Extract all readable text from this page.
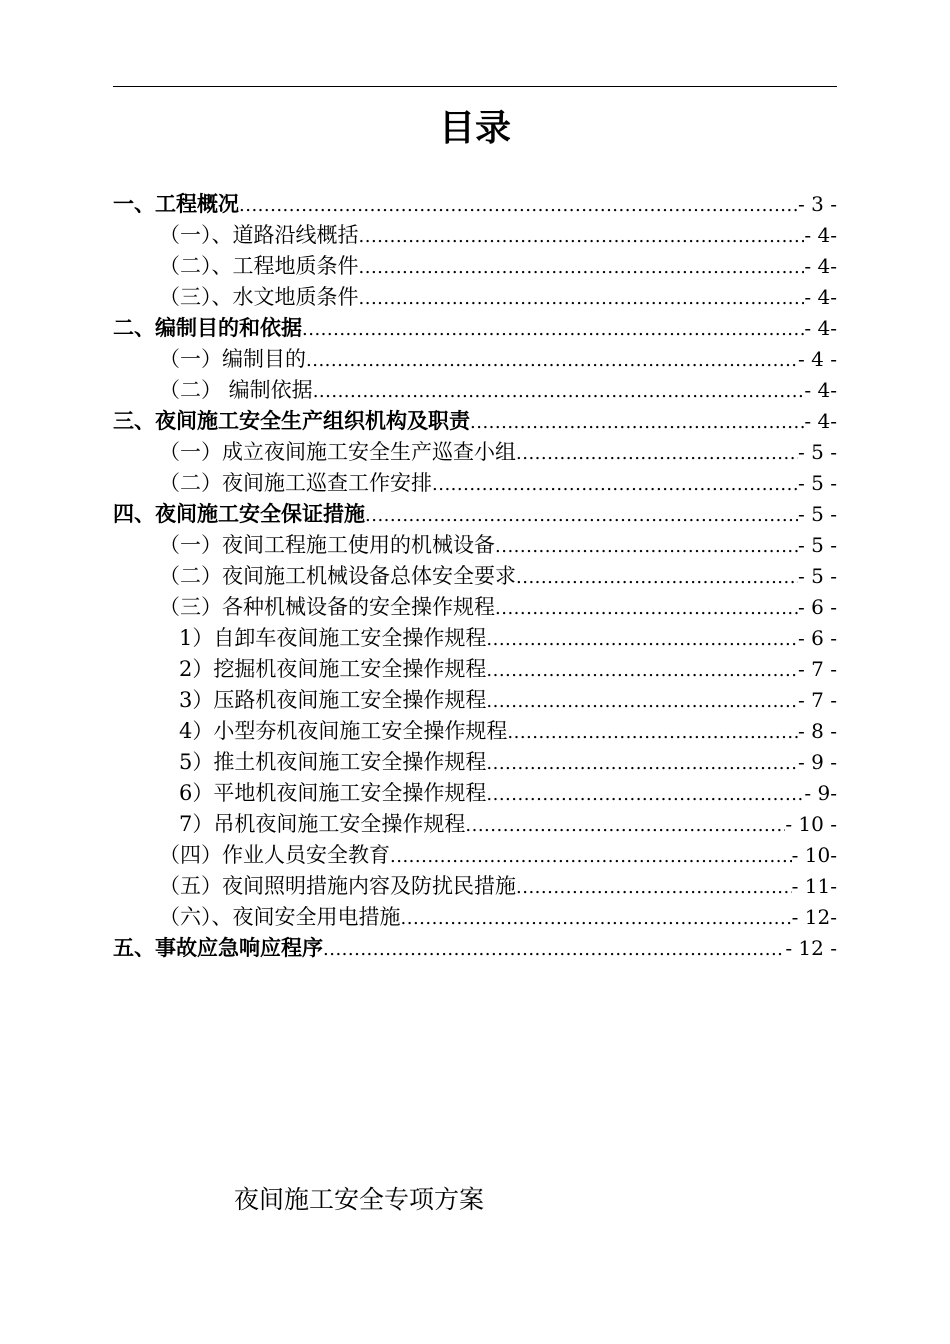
目录
一、工程概况 .....	- 3 -
（一）、道路沿线概括 .....	- 4-
（二）、工程地质条件 .....	- 4-
（三）、水文地质条件 .....	- 4-
二、编制目的和依据 .....	- 4-
（一）编制目的 .....	- 4 -
（二） 编制依据 .....	- 4-
三、夜间施工安全生产组织机构及职责 .....	- 4-
（一）成立夜间施工安全生产巡查小组 .....	- 5 -
（二）夜间施工巡查工作安排 .....	- 5 -
四、夜间施工安全保证措施 .....	- 5 -
（一）夜间工程施工使用的机械设备 .....	- 5 -
（二）夜间施工机械设备总体安全要求 .....	- 5 -
（三）各种机械设备的安全操作规程 .....	- 6 -
1）自卸车夜间施工安全操作规程 .....	- 6 -
2）挖掘机夜间施工安全操作规程 .....	- 7 -
3）压路机夜间施工安全操作规程 .....	- 7 -
4）小型夯机夜间施工安全操作规程 .....	- 8 -
5）推土机夜间施工安全操作规程 .....	- 9 -
6）平地机夜间施工安全操作规程 .....	- 9-
7）吊机夜间施工安全操作规程 .....	- 10 -
（四）作业人员安全教育 .....	- 10-
（五）夜间照明措施内容及防扰民措施 .....	- 11-
（六）、夜间安全用电措施 .....	- 12-
五、事故应急响应程序 .....	- 12 -
夜间施工安全专项方案
